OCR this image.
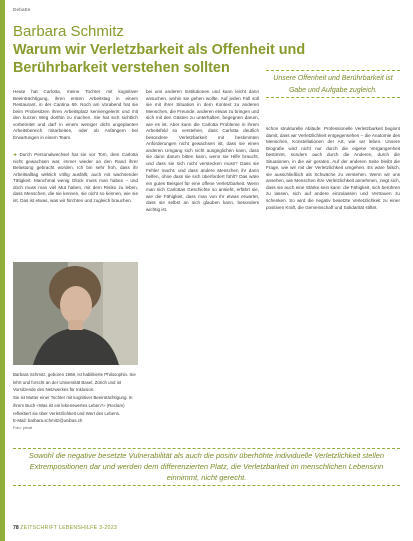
Debatte
Barbara Schmitz
Warum wir Verletzbarkeit als Offenheit und Berührbarkeit verstehen sollten

Heute hat Carlotta, meine Tochter mit kognitiver Beeinträchtigung, ihren ersten Arbeitstag in einem Restaurant, in der Cantina 69. Noch am Vorabend hat sie beim Probesitzen ihren Arbeitsplatz kennengelernt und mit den kurzen Weg dorthin zu machen. Sie hat sich sichtlich vorbereitet und darf in einem weniger dicht ungeplanten Arbeitsbereich mitarbeiten, oder ob Anfängern bei Erwartungen in einem Team.

➔ Durch Personalwechsel hat sie vor Tom, dem Carlotta nicht gewachsen war, immer wieder an den Rand ihrer Belastung gebracht worden. Ich bin sehr froh, dass ihr Arbeitsalltag wirklich völlig ausfällt, auch mit wachsender Tätigkeit. Manchmal wenig Glück muss man haben – und doch muss man viel Mut haben, mit dem Risiko zu leben, dass Menschen, die sie kennen, sie nicht so kennen, wie sie ist. Das ist etwas, was wir fürchten und zugleich brauchen.

Barbara Schmitz, geboren 1968, ist habilitierte Philosophin. Sie lehrt und forscht an der Universität Basel, Zürich und ist Vorsitzende des Netzwerkes für Inklusion.

Sie ist Mutter einer Tochter mit kognitiver Beeinträchtigung. In ihrem Buch «Was ist ein lebenswertes Leben?» (Reclam) reflektiert sie über Verletzlichkeit und Wert des Lebens.

E-Mail: barbara.schmitz@unibas.ch

Foto: privat

bei uns anderen Institutionen und kann leicht dann ansuchen, wohin sie gehen wollte. Auf jeden Fall soll sie mit ihrer Situation in dem Kontext zu anderen Menschen, die Freunde, anderen etwas zu bringen und sich mit den Gästen zu unterhalten, begegnen darum, wie es ist. Aber kann die Carlotta Probleme in ihrem Arbeitsfeld so verstehen, dass Carlotta deutlich besondere Verletzbarkeit mit bestimmten Anforderungen nicht gewachsen ist, dass sie einen anderen Umgang sich nicht ausgeglichen kann, dass sie dann darum bitten kann, wenn sie Hilfe braucht, und dass sie sich nicht verstecken muss? Dass sie Fehler macht, und dass andere Menschen ihr dann helfen, ohne dass sie sich überfordert fühlt? Das wäre ein gutes Beispiel für eine offene Verletzbarkeit. Wenn man sich Carlottas Geschichte so ansieht, erfährt sie, wie die Fähigkeit, dass man von ihr etwas erwartet, dass sie selbst an sich glauben kann, besonders wichtig ist.

Unsere Offenheit und Berührbarkeit ist Gabe und Aufgabe zugleich.

schon strukturelle Abläufe. Professionelle Verletzbarkeit beginnt damit, dass wir Verletzlichkeit entgegensehen – die Anatomie des Menschen, Konstellationen der Art, wie wir leben. Unsere Biografie wird nicht nur durch die eigene Vergangenheit bestimmt, sondern auch durch die Anderen, durch die Situationen, in die wir geraten. Auf der anderen Seite bleibt die Frage, wie wir mit der Verletzlichkeit umgehen. Es wäre falsch, sie ausschließlich als Schwäche zu verstehen. Wenn wir uns ansehen, wie Menschen ihre Verletzlichkeit annehmen, zeigt sich, dass sie auch eine Stärke sein kann: die Fähigkeit, sich berühren zu lassen, sich auf andere einzulassen und Vertrauen zu schenken. So wird die negativ besetzte Verletzlichkeit zu einer positiven Kraft, die Gemeinschaft und Solidarität stiftet.

Sowohl die negative besetzte Vulnerabilität als auch die positiv überhöhte individuelle Verletzlichkeit stellen Extrempositionen dar und werden dem differenzierten Platz, die Verletzbarkeit im menschlichen Lebensinn einnimmt, nicht gerecht.
78 ZEITSCHRIFT LEBENSHILFE 3-2023
